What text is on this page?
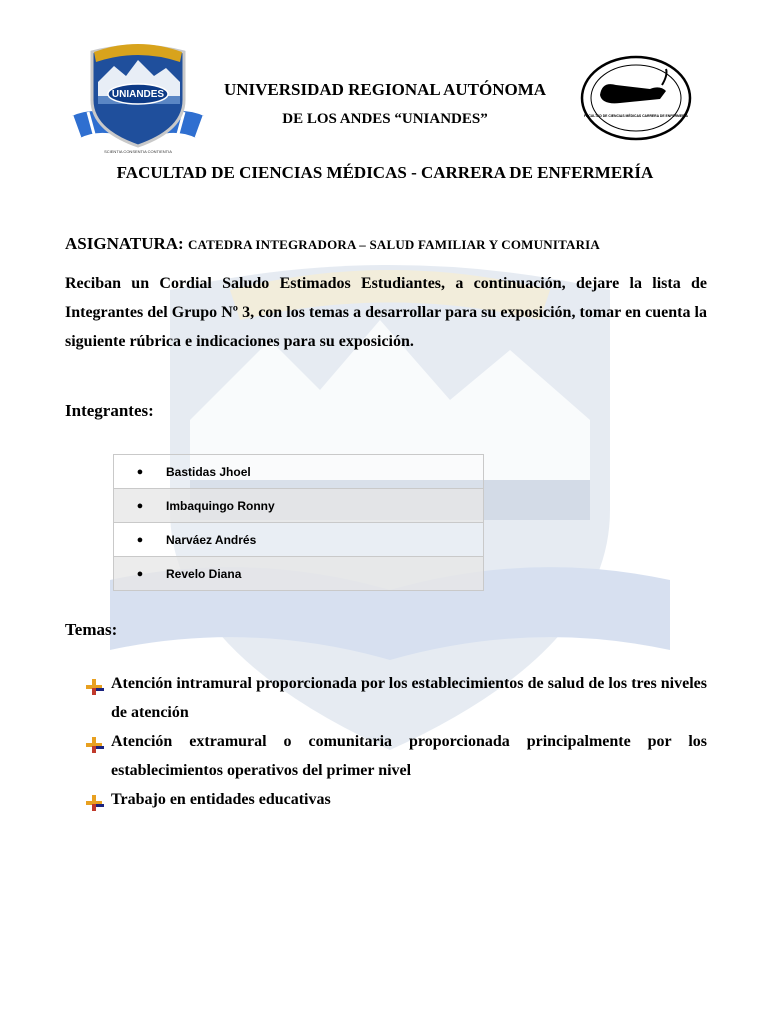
UNIANDES
SCIENTIA CONSENTIA CONTIENTIA
FACULTAD DE CIENCIAS MÉDICAS CARRERA DE ENFERMERÍA
UNIVERSIDAD REGIONAL AUTÓNOMA
DE LOS ANDES “UNIANDES”
FACULTAD DE CIENCIAS MÉDICAS - CARRERA DE ENFERMERÍA
ASIGNATURA: CATEDRA INTEGRADORA – SALUD FAMILIAR Y COMUNITARIA
Reciban un Cordial Saludo Estimados Estudiantes, a continuación, dejare la lista de Integrantes del Grupo Nº 3, con los temas a desarrollar para su exposición, tomar en cuenta la siguiente rúbrica e indicaciones para su exposición.
Integrantes:
●	Bastidas Jhoel
●	Imbaquingo Ronny
●	Narváez Andrés
●	Revelo Diana
Temas:
Atención intramural proporcionada por los establecimientos de salud de los tres niveles de atención
Atención extramural o comunitaria proporcionada principalmente por los establecimientos operativos del primer nivel
Trabajo en entidades educativas
